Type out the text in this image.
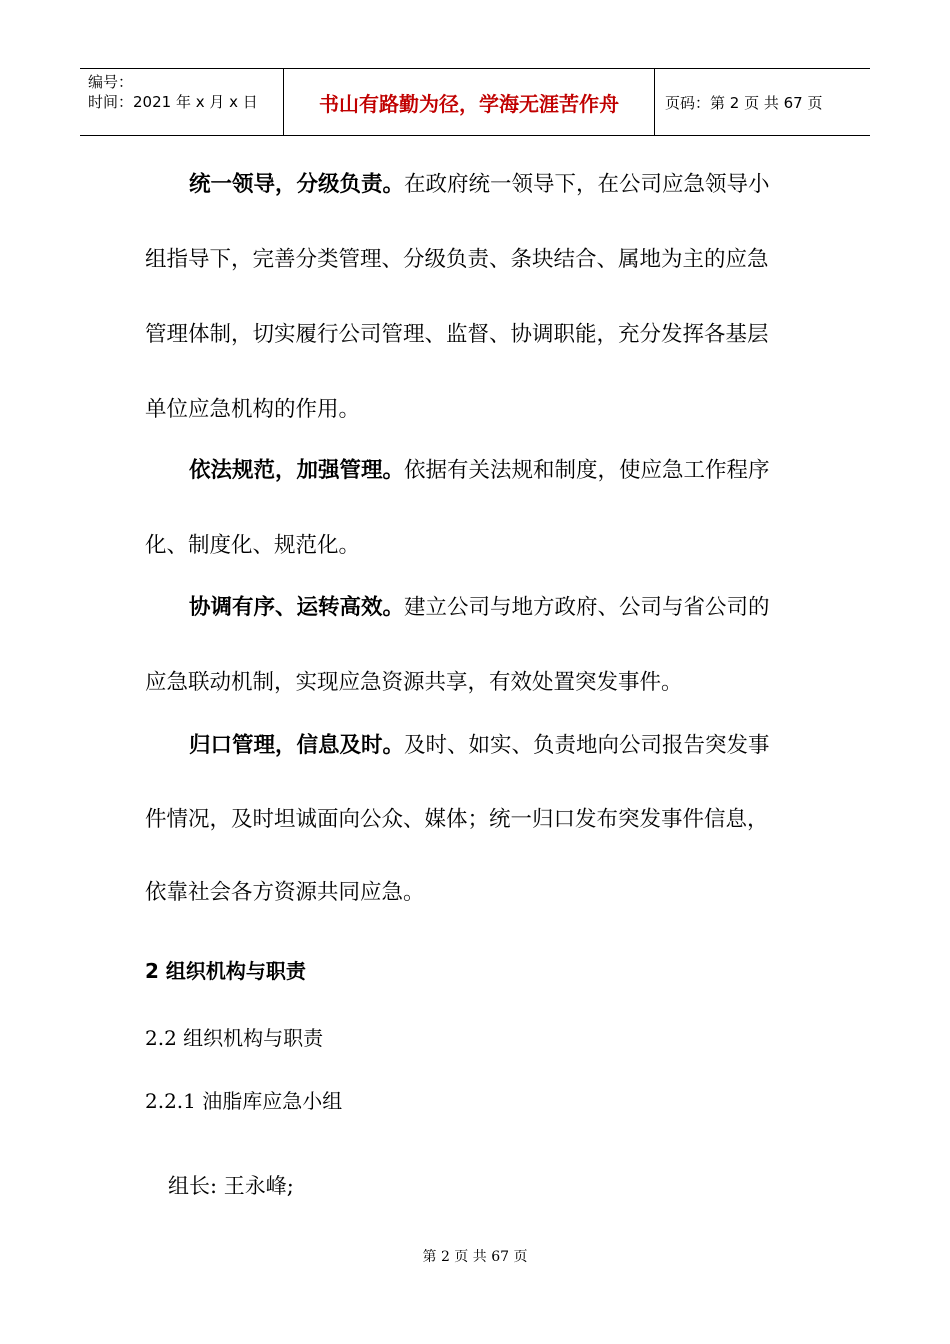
编号：
时间：2021 年 x 月 x 日	书山有路勤为径，学海无涯苦作舟	页码：第 2 页 共 67 页
统一领导，分级负责。在政府统一领导下，在公司应急领导小
组指导下，完善分类管理、分级负责、条块结合、属地为主的应急
管理体制，切实履行公司管理、监督、协调职能，充分发挥各基层
单位应急机构的作用。
依法规范，加强管理。依据有关法规和制度，使应急工作程序
化、制度化、规范化。
协调有序、运转高效。建立公司与地方政府、公司与省公司的
应急联动机制，实现应急资源共享，有效处置突发事件。
归口管理，信息及时。及时、如实、负责地向公司报告突发事
件情况，及时坦诚面向公众、媒体；统一归口发布突发事件信息，
依靠社会各方资源共同应急。
2 组织机构与职责
2.2 组织机构与职责
2.2.1 油脂库应急小组
组长: 王永峰;
第 2 页 共 67 页
